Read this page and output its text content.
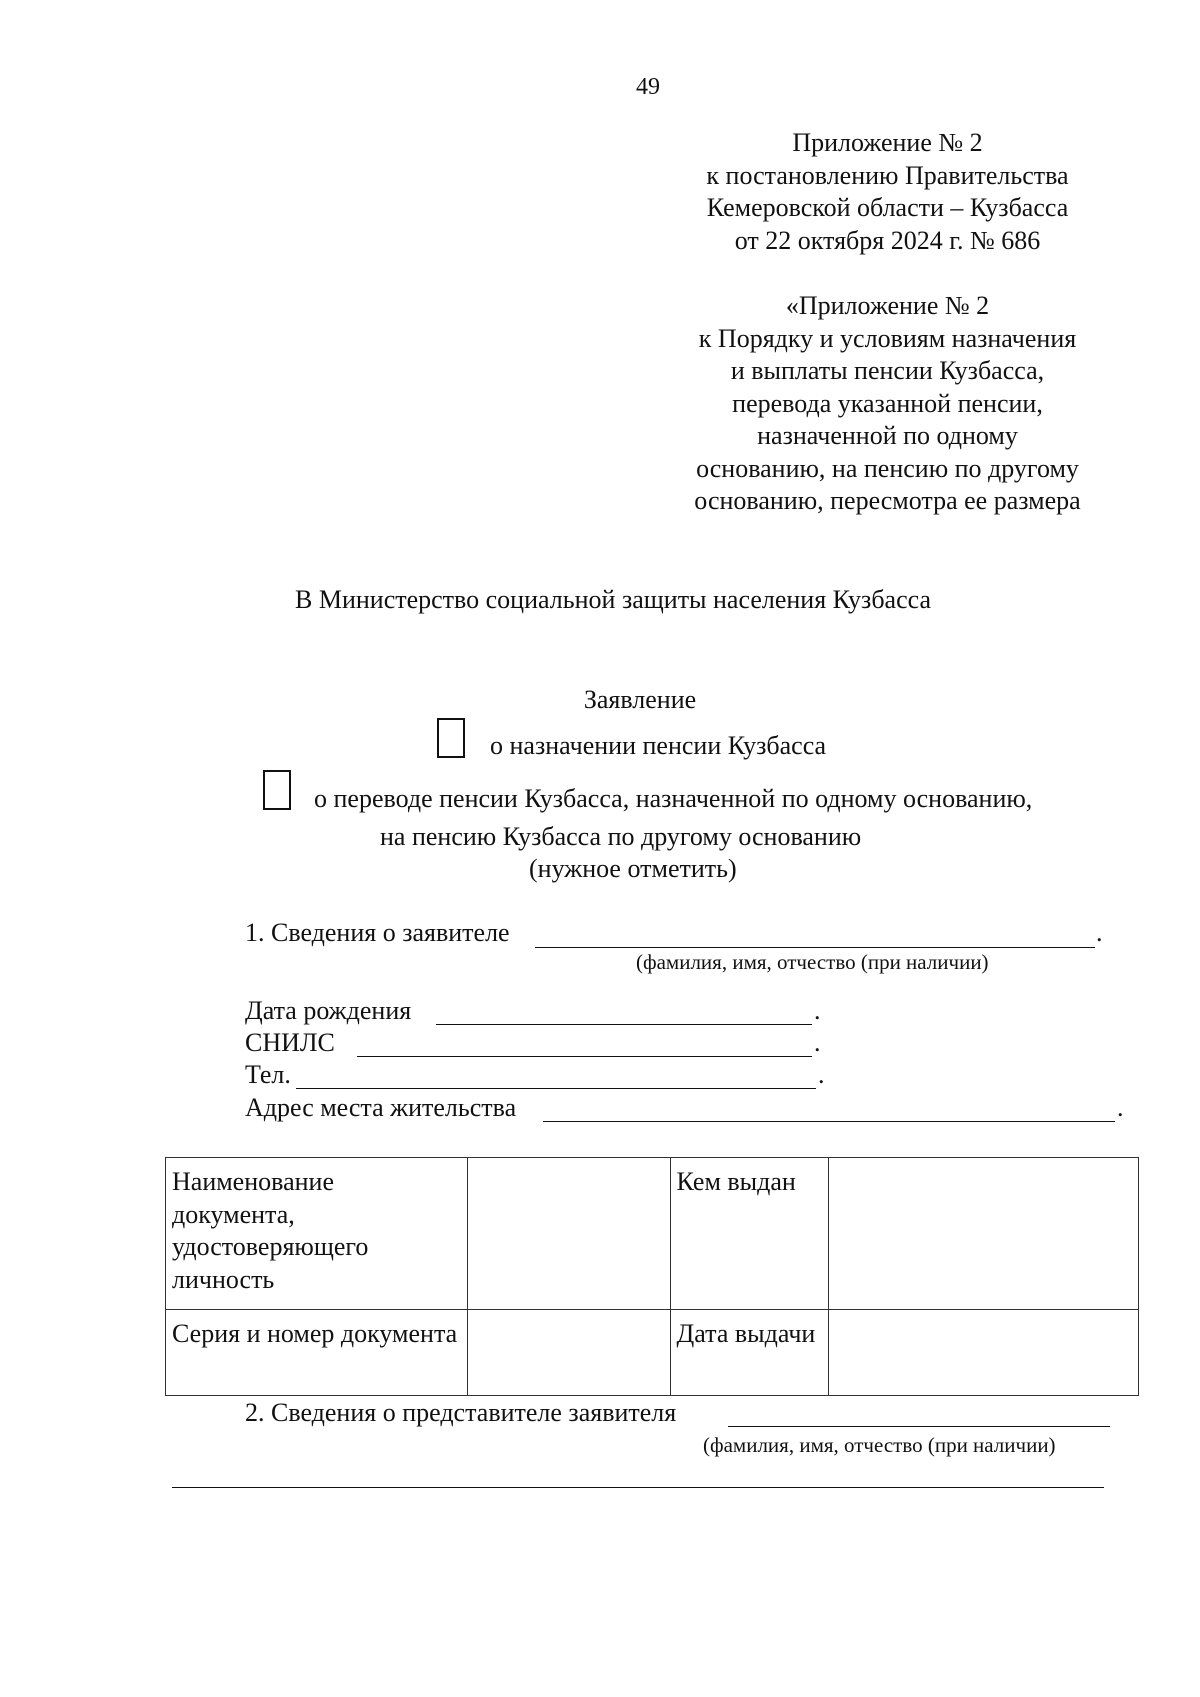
49
Приложение № 2
к постановлению Правительства
Кемеровской области – Кузбасса
от 22 октября 2024 г. № 686
«Приложение № 2
к Порядку и условиям назначения
и выплаты пенсии Кузбасса,
перевода указанной пенсии,
назначенной по одному
основанию, на пенсию по другому
основанию, пересмотра ее размера
В Министерство социальной защиты населения Кузбасса
Заявление
о назначении пенсии Кузбасса
о переводе пенсии Кузбасса, назначенной по одному основанию,
на пенсию Кузбасса по другому основанию
(нужное отметить)
1. Сведения о заявителе	.
(фамилия, имя, отчество (при наличии)
Дата рождения	.
СНИЛС	.
Тел.	.
Адрес места жительства	.
Наименование документа, удостоверяющего личность		Кем выдан	
Серия и номер документа		Дата выдачи	
2. Сведения о представителе заявителя
(фамилия, имя, отчество (при наличии)
